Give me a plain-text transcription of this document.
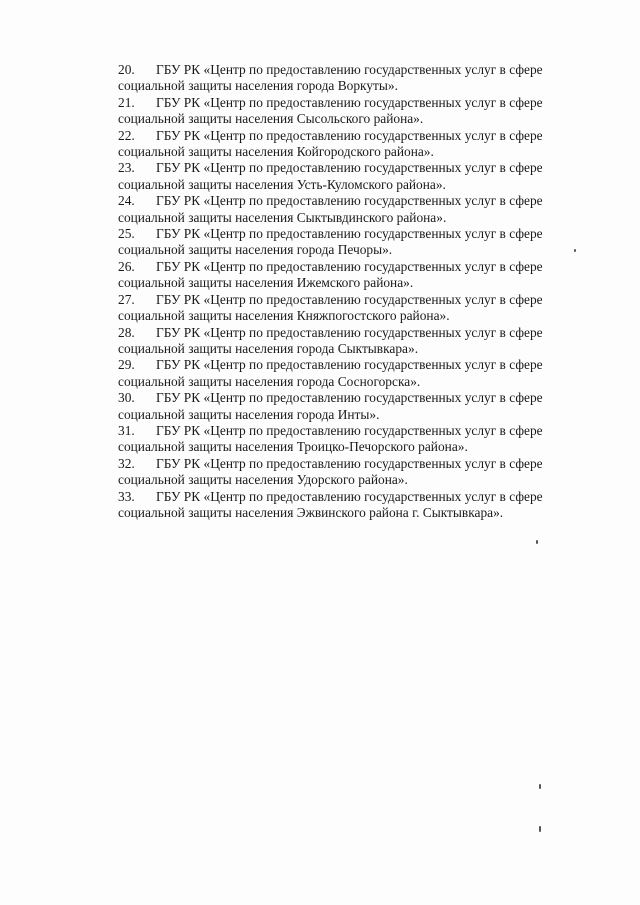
20. ГБУ РК «Центр по предоставлению государственных услуг в сфере
социальной защиты населения города Воркуты».
21. ГБУ РК «Центр по предоставлению государственных услуг в сфере
социальной защиты населения Сысольского района».
22. ГБУ РК «Центр по предоставлению государственных услуг в сфере
социальной защиты населения Койгородского района».
23. ГБУ РК «Центр по предоставлению государственных услуг в сфере
социальной защиты населения Усть-Куломского района».
24. ГБУ РК «Центр по предоставлению государственных услуг в сфере
социальной защиты населения Сыктывдинского района».
25. ГБУ РК «Центр по предоставлению государственных услуг в сфере
социальной защиты населения города Печоры».
26. ГБУ РК «Центр по предоставлению государственных услуг в сфере
социальной защиты населения Ижемского района».
27. ГБУ РК «Центр по предоставлению государственных услуг в сфере
социальной защиты населения Княжпогостского района».
28. ГБУ РК «Центр по предоставлению государственных услуг в сфере
социальной защиты населения города Сыктывкара».
29. ГБУ РК «Центр по предоставлению государственных услуг в сфере
социальной защиты населения города Сосногорска».
30. ГБУ РК «Центр по предоставлению государственных услуг в сфере
социальной защиты населения города Инты».
31. ГБУ РК «Центр по предоставлению государственных услуг в сфере
социальной защиты населения Троицко-Печорского района».
32. ГБУ РК «Центр по предоставлению государственных услуг в сфере
социальной защиты населения Удорского района».
33. ГБУ РК «Центр по предоставлению государственных услуг в сфере
социальной защиты населения Эжвинского района г. Сыктывкара».
